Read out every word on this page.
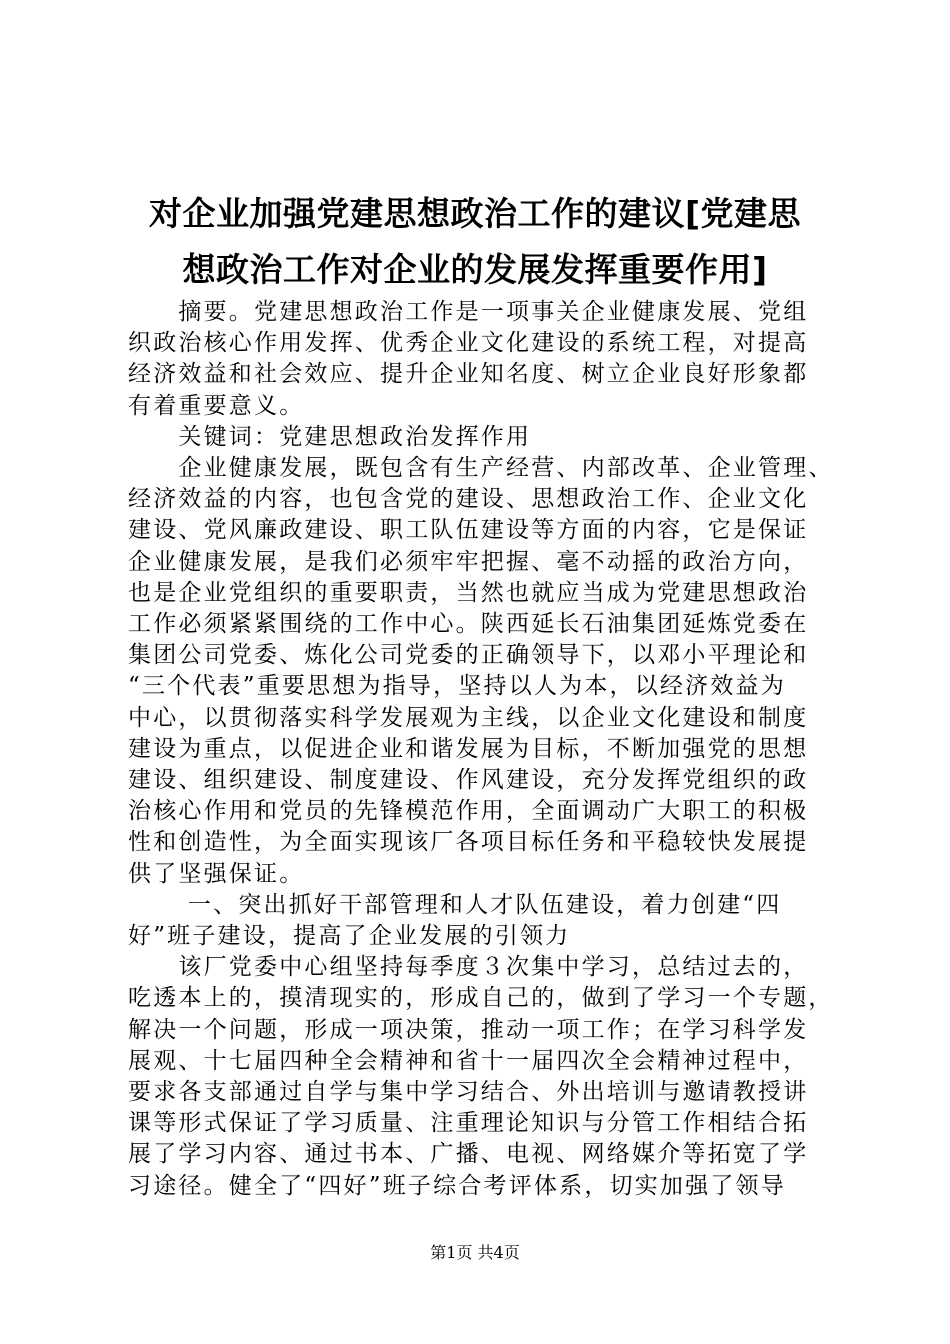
对企业加强党建思想政治工作的建议[党建思
想政治工作对企业的发展发挥重要作用]

　　摘要。党建思想政治工作是一项事关企业健康发展、党组
织政治核心作用发挥、优秀企业文化建设的系统工程，对提高
经济效益和社会效应、提升企业知名度、树立企业良好形象都
有着重要意义。

　　关键词：党建思想政治发挥作用

　　企业健康发展，既包含有生产经营、内部改革、企业管理、
经济效益的内容，也包含党的建设、思想政治工作、企业文化
建设、党风廉政建设、职工队伍建设等方面的内容，它是保证
企业健康发展，是我们必须牢牢把握、毫不动摇的政治方向，
也是企业党组织的重要职责，当然也就应当成为党建思想政治
工作必须紧紧围绕的工作中心。陕西延长石油集团延炼党委在
集团公司党委、炼化公司党委的正确领导下，以邓小平理论和
“三个代表”重要思想为指导，坚持以人为本，以经济效益为
中心，以贯彻落实科学发展观为主线，以企业文化建设和制度
建设为重点，以促进企业和谐发展为目标，不断加强党的思想
建设、组织建设、制度建设、作风建设，充分发挥党组织的政
治核心作用和党员的先锋模范作用，全面调动广大职工的积极
性和创造性，为全面实现该厂各项目标任务和平稳较快发展提
供了坚强保证。

　　 一、突出抓好干部管理和人才队伍建设，着力创建“四
好”班子建设，提高了企业发展的引领力

　　该厂党委中心组坚持每季度３次集中学习，总结过去的，
吃透本上的，摸清现实的，形成自己的，做到了学习一个专题，
解决一个问题，形成一项决策，推动一项工作；在学习科学发
展观、十七届四种全会精神和省十一届四次全会精神过程中，
要求各支部通过自学与集中学习结合、外出培训与邀请教授讲
课等形式保证了学习质量、注重理论知识与分管工作相结合拓
展了学习内容、通过书本、广播、电视、网络媒介等拓宽了学
习途径。健全了“四好”班子综合考评体系，切实加强了领导

第1页 共4页
